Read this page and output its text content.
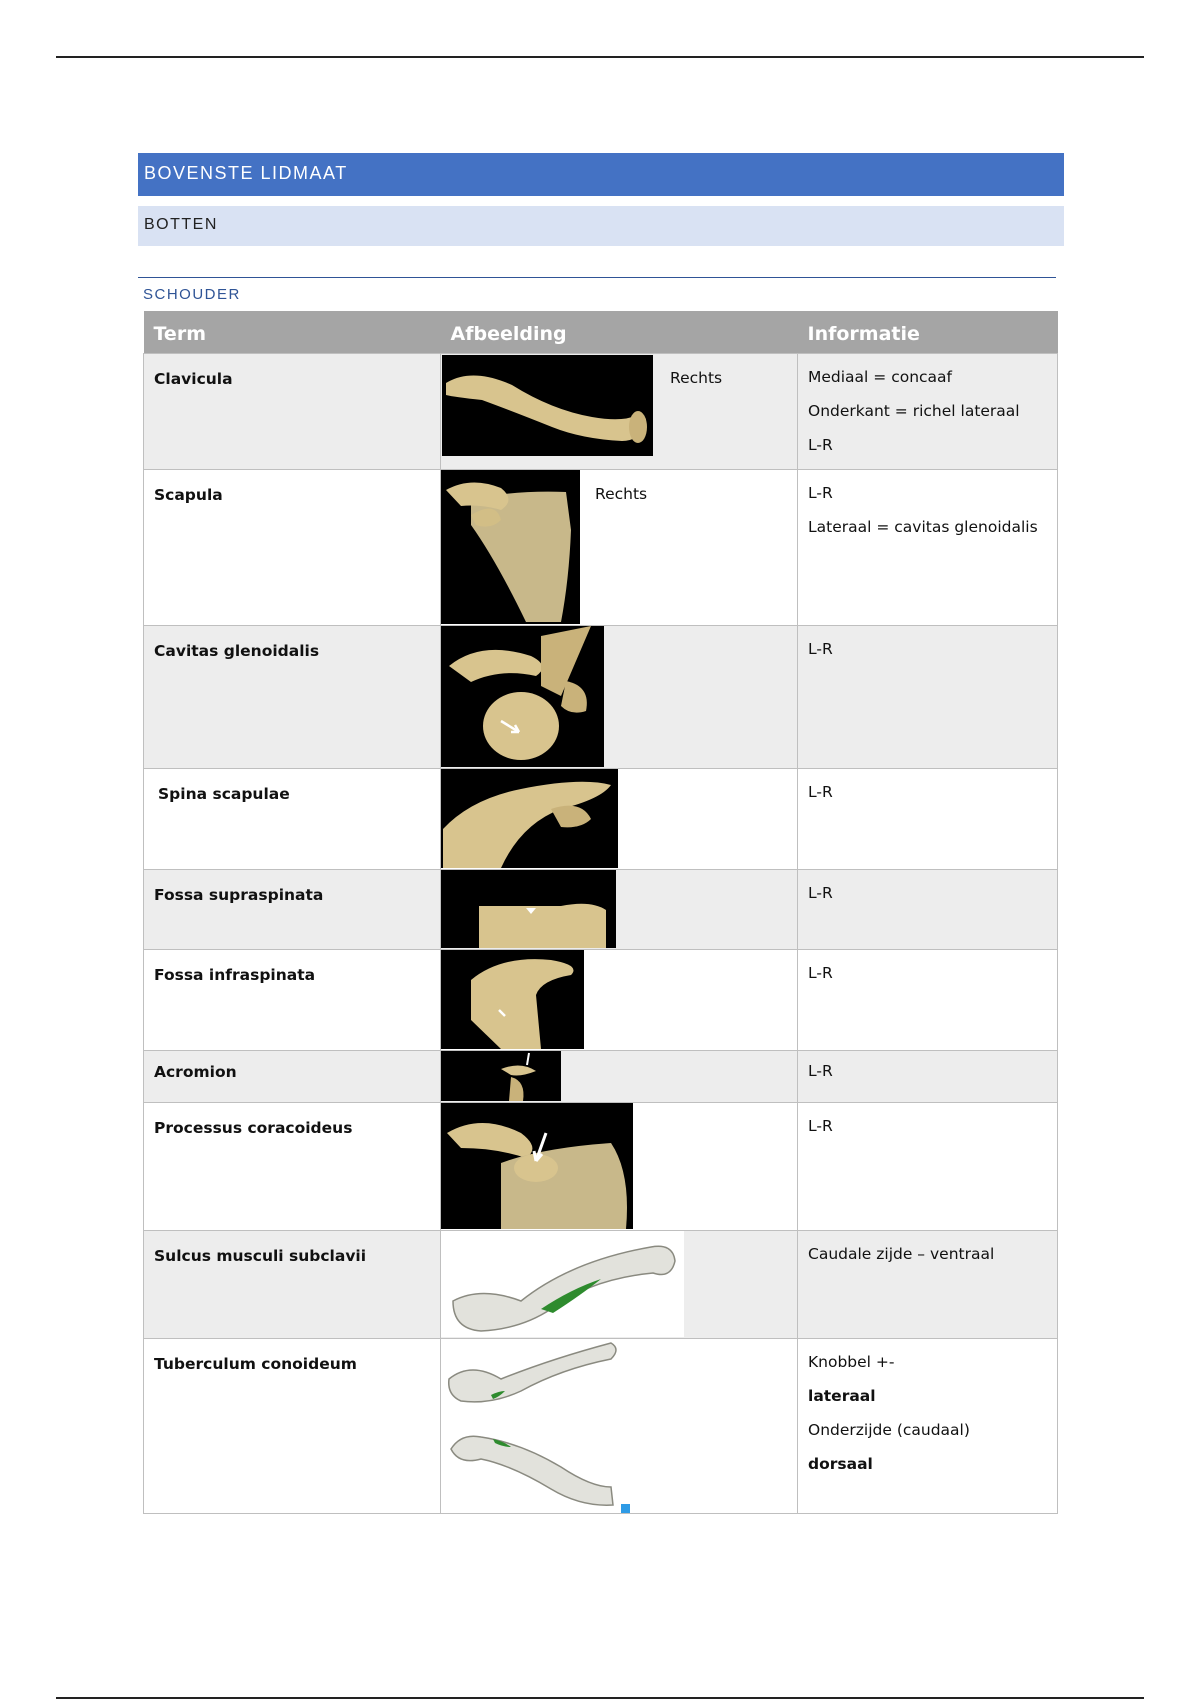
BOVENSTE LIDMAAT
BOTTEN
SCHOUDER
Term	Afbeelding	Informatie
Clavicula	Rechts	Mediaal = concaaf

Onderkant = richel lateraal

L-R

Scapula	Rechts	L-R

Lateraal = cavitas glenoidalis

Cavitas glenoidalis		L-R

Spina scapulae		L-R

Fossa supraspinata		L-R

Fossa infraspinata		L-R

Acromion		L-R

Processus coracoideus		L-R

Sulcus musculi subclavii		Caudale zijde – ventraal

Tuberculum conoideum		Knobbel +-

lateraal

Onderzijde (caudaal)

dorsaal
